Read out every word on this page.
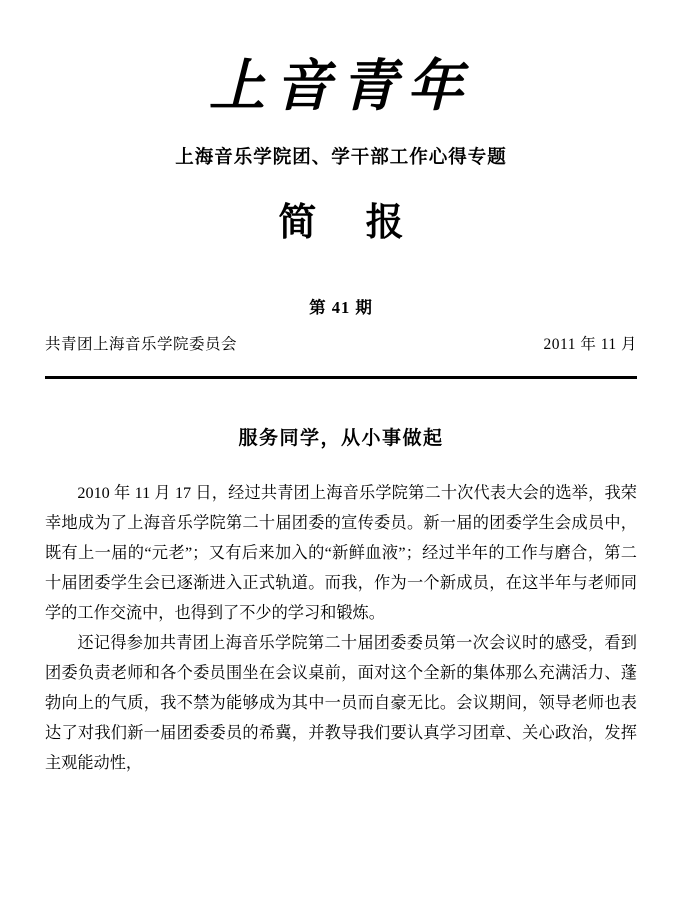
上音青年
上海音乐学院团、学干部工作心得专题
简 报
第 41 期
共青团上海音乐学院委员会	2011 年 11 月
服务同学，从小事做起

2010 年 11 月 17 日，经过共青团上海音乐学院第二十次代表大会的选举，我荣幸地成为了上海音乐学院第二十届团委的宣传委员。新一届的团委学生会成员中，既有上一届的“元老”；又有后来加入的“新鲜血液”；经过半年的工作与磨合，第二十届团委学生会已逐渐进入正式轨道。而我，作为一个新成员，在这半年与老师同学的工作交流中，也得到了不少的学习和锻炼。

还记得参加共青团上海音乐学院第二十届团委委员第一次会议时的感受，看到团委负责老师和各个委员围坐在会议桌前，面对这个全新的集体那么充满活力、蓬勃向上的气质，我不禁为能够成为其中一员而自豪无比。会议期间，领导老师也表达了对我们新一届团委委员的希冀，并教导我们要认真学习团章、关心政治，发挥主观能动性，
